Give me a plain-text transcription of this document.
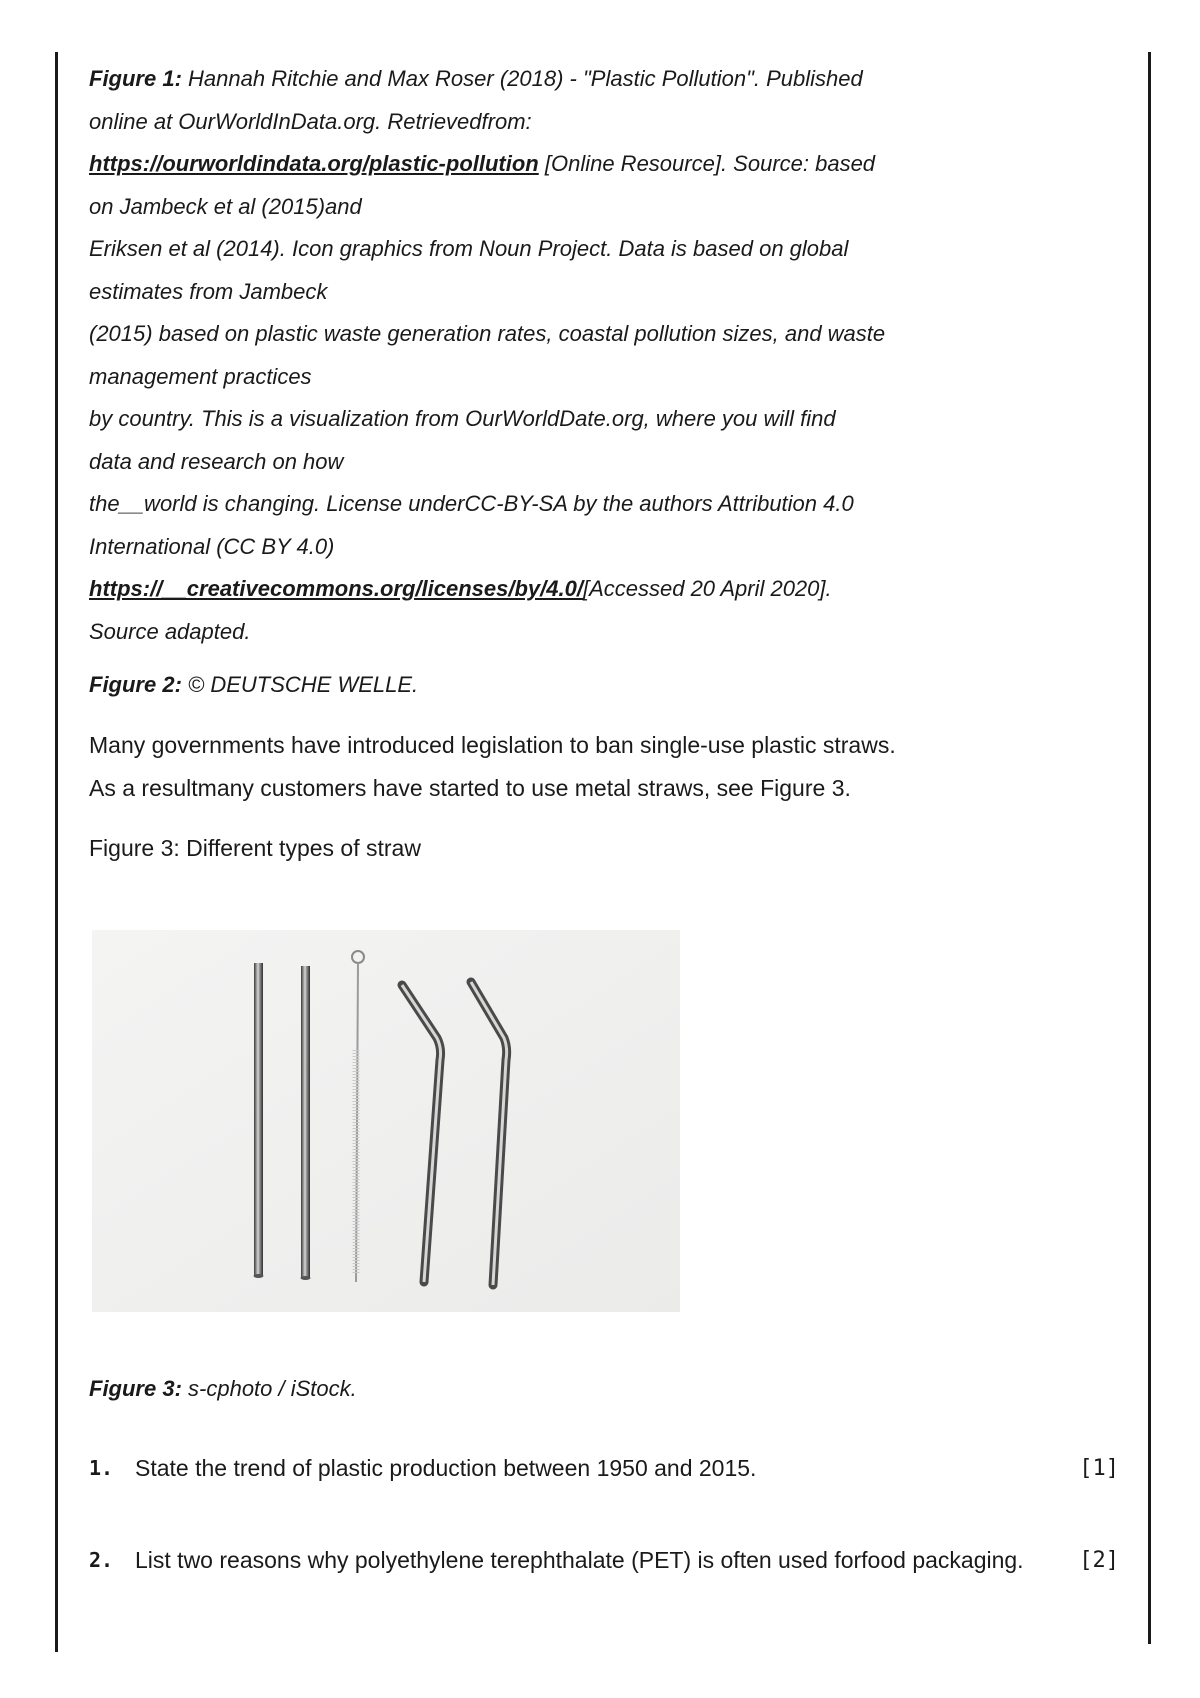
Figure 1: Hannah Ritchie and Max Roser (2018) - "Plastic Pollution". Published
online at OurWorldInData.org. Retrievedfrom:
https://ourworldindata.org/plastic-pollution [Online Resource]. Source: based
on Jambeck et al (2015)and
Eriksen et al (2014). Icon graphics from Noun Project. Data is based on global
estimates from Jambeck
(2015) based on plastic waste generation rates, coastal pollution sizes, and waste
management practices
by country. This is a visualization from OurWorldDate.org, where you will find
data and research on how
the__world is changing. License underCC-BY-SA by the authors Attribution 4.0
International (CC BY 4.0)
https://__creativecommons.org/licenses/by/4.0/[Accessed 20 April 2020].
Source adapted.

Figure 2: © DEUTSCHE WELLE.

Many governments have introduced legislation to ban single-use plastic straws.
As a resultmany customers have started to use metal straws, see Figure 3.

Figure 3: Different types of straw

Figure 3: s-cphoto / iStock.

1. State the trend of plastic production between 1950 and 2015.	[1]
2. List two reasons why polyethylene terephthalate (PET) is often used forfood packaging.	[2]
